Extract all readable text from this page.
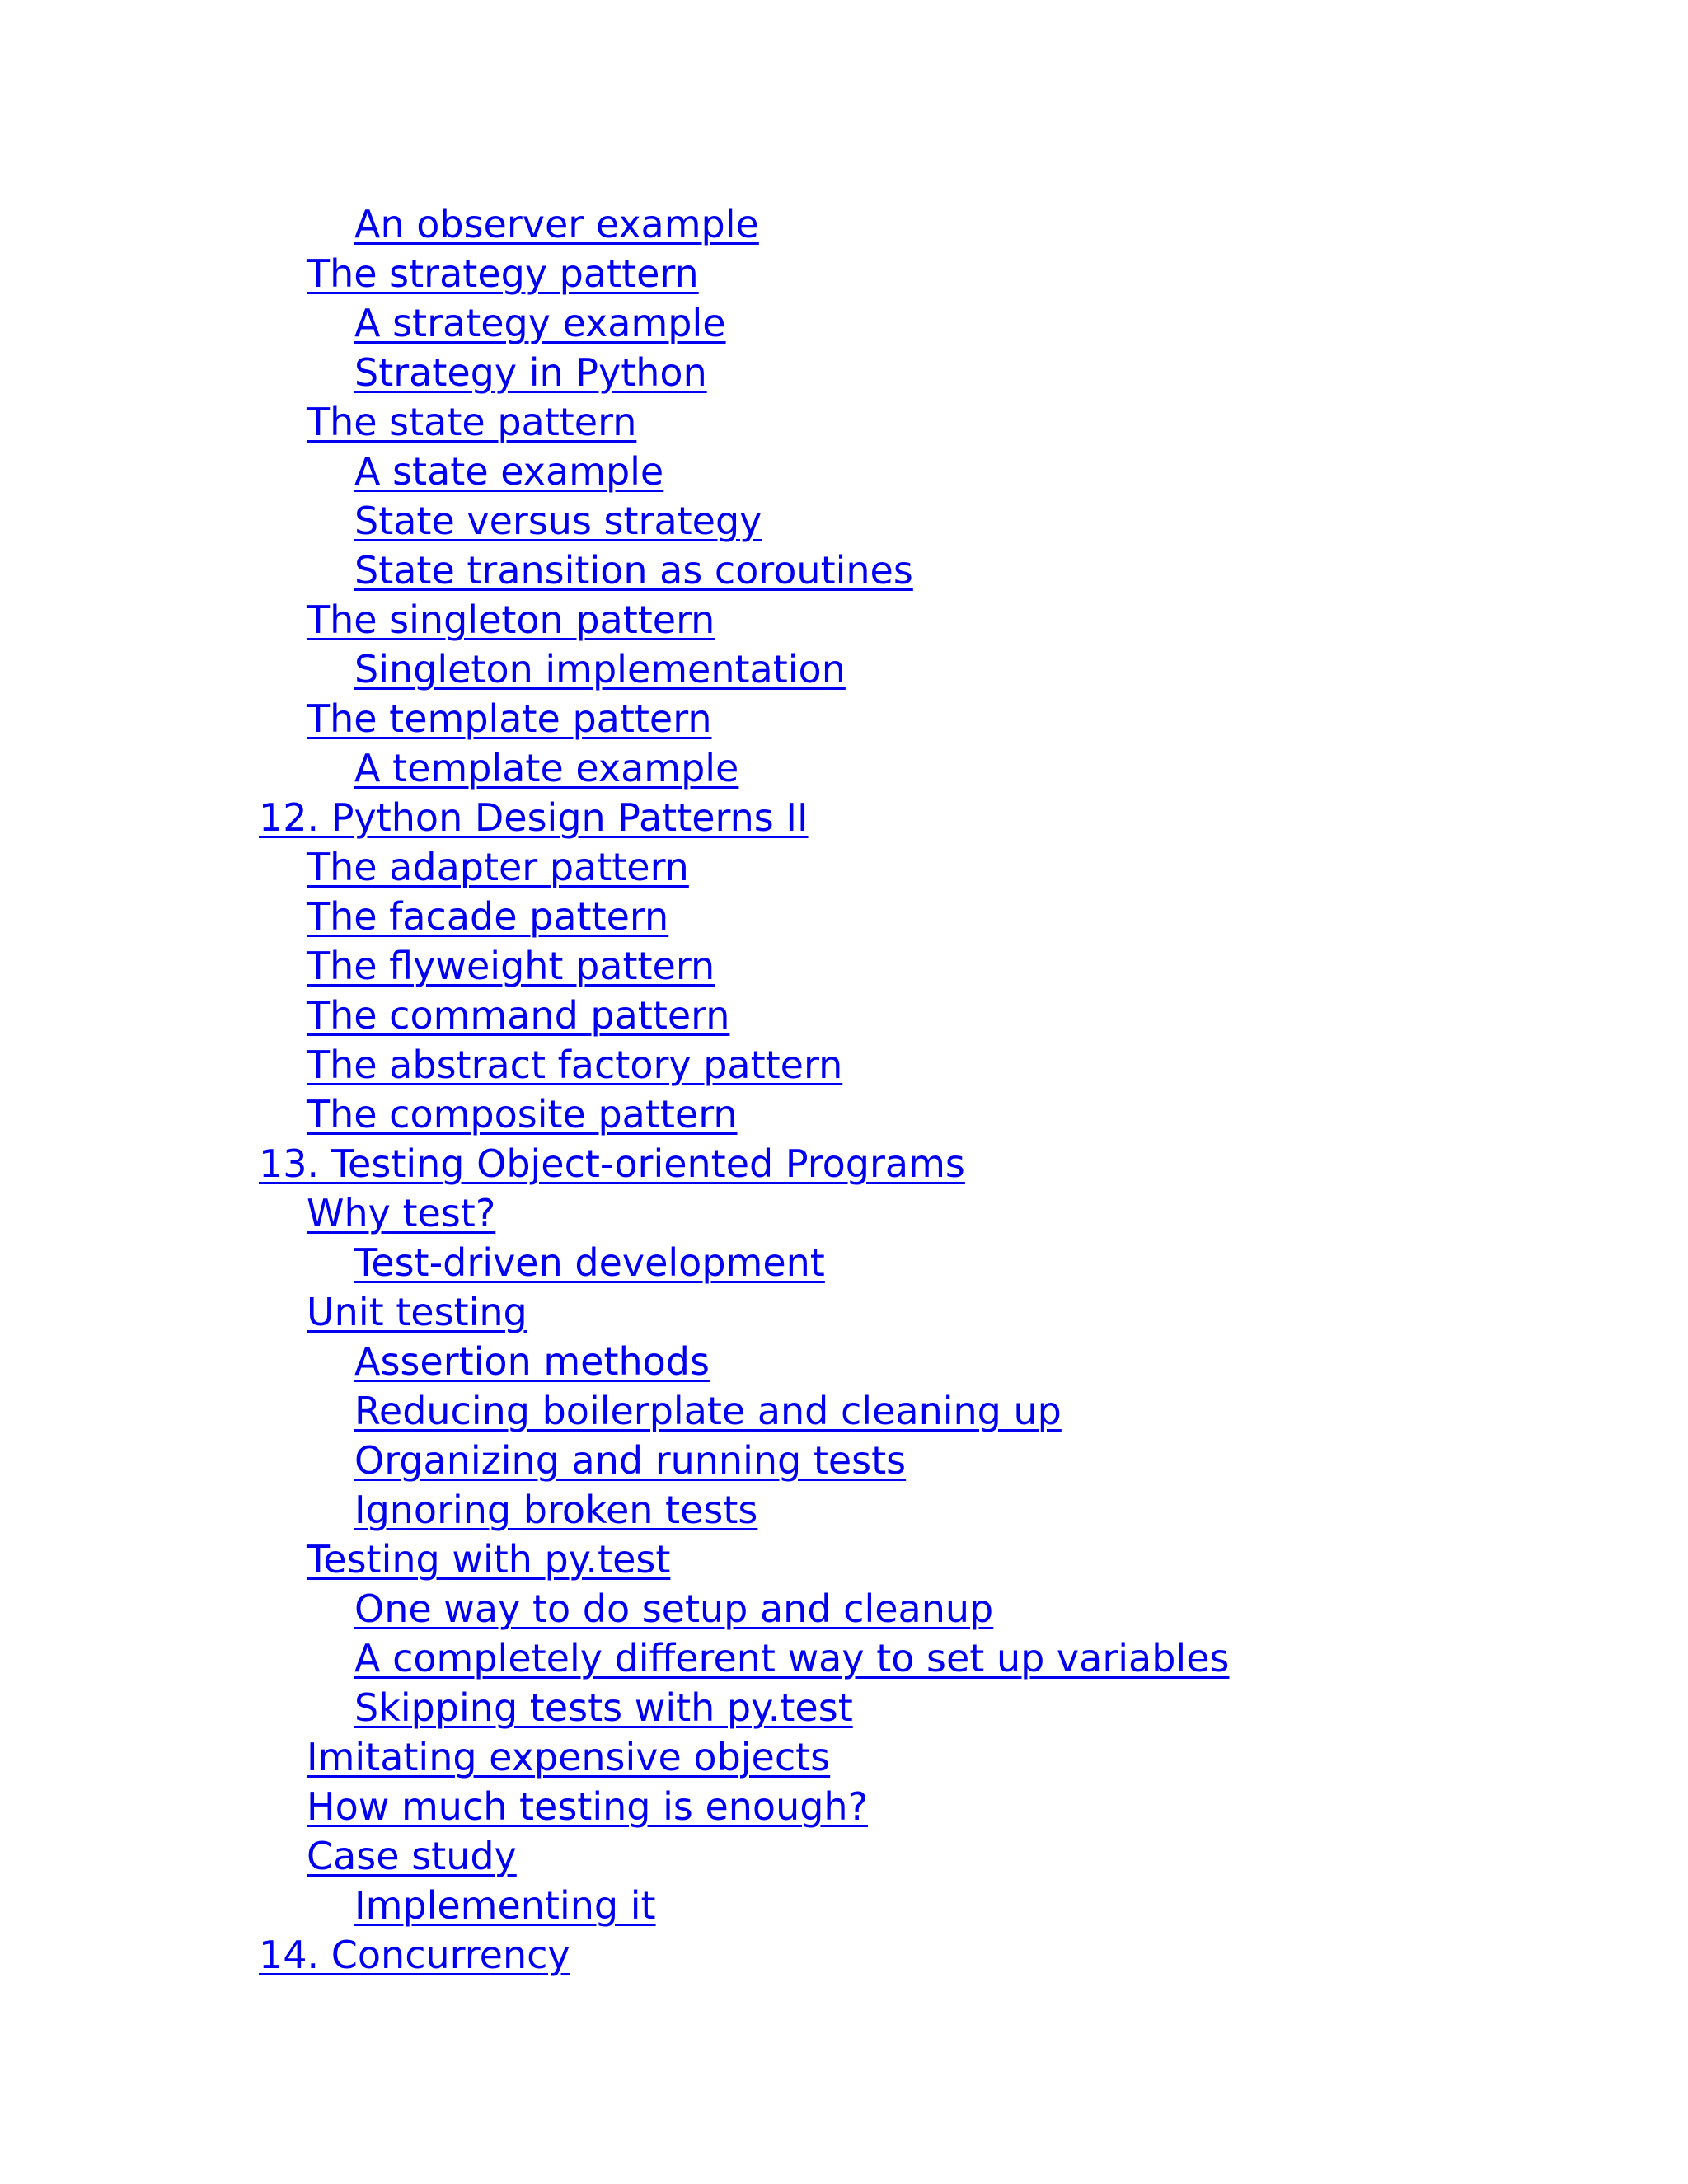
An observer example
The strategy pattern
A strategy example
Strategy in Python
The state pattern
A state example
State versus strategy
State transition as coroutines
The singleton pattern
Singleton implementation
The template pattern
A template example
12. Python Design Patterns II
The adapter pattern
The facade pattern
The flyweight pattern
The command pattern
The abstract factory pattern
The composite pattern
13. Testing Object-oriented Programs
Why test?
Test-driven development
Unit testing
Assertion methods
Reducing boilerplate and cleaning up
Organizing and running tests
Ignoring broken tests
Testing with py.test
One way to do setup and cleanup
A completely different way to set up variables
Skipping tests with py.test
Imitating expensive objects
How much testing is enough?
Case study
Implementing it
14. Concurrency
